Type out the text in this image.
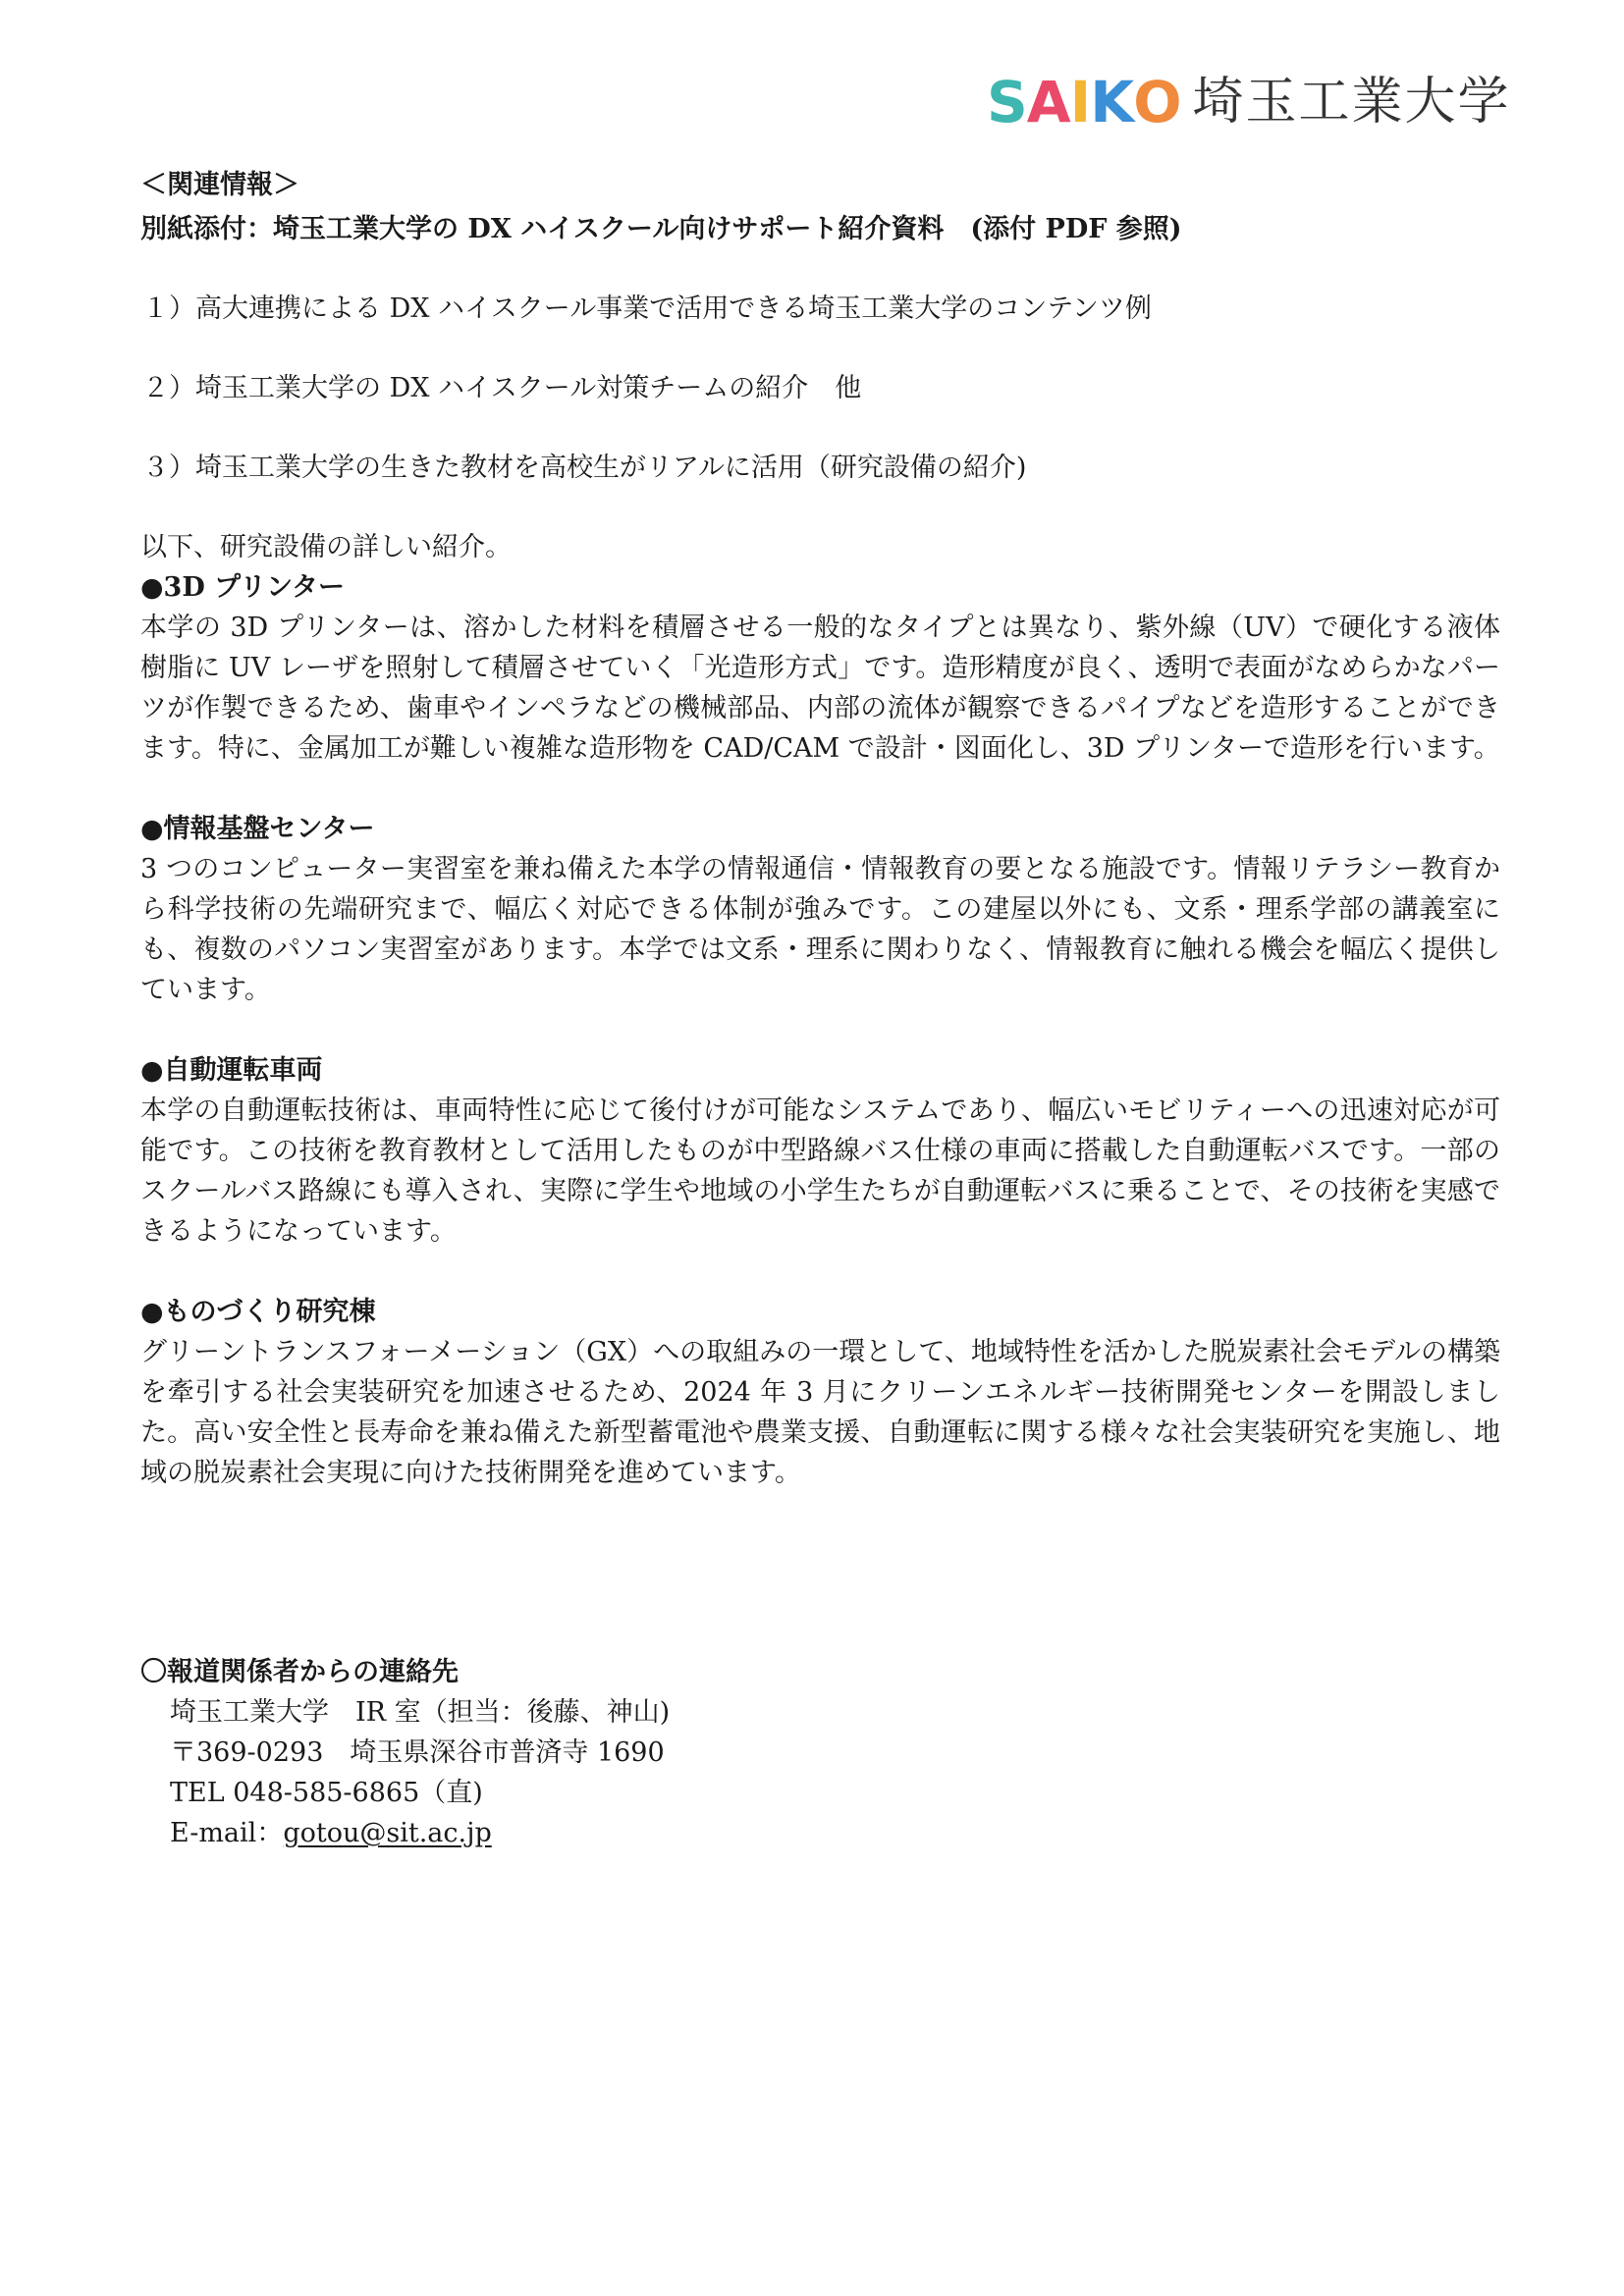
S A I K O 埼玉工業大学
＜関連情報＞
別紙添付：埼玉工業大学の DX ハイスクール向けサポート紹介資料　(添付 PDF 参照)
１）高大連携による DX ハイスクール事業で活用できる埼玉工業大学のコンテンツ例
２）埼玉工業大学の DX ハイスクール対策チームの紹介　他
３）埼玉工業大学の生きた教材を高校生がリアルに活用（研究設備の紹介)
以下、研究設備の詳しい紹介。
●3D プリンター
本学の 3D プリンターは、溶かした材料を積層させる一般的なタイプとは異なり、紫外線（UV）で硬化する液体樹脂に UV レーザを照射して積層させていく「光造形方式」です。造形精度が良く、透明で表面がなめらかなパーツが作製できるため、歯車やインペラなどの機械部品、内部の流体が観察できるパイプなどを造形することができます。特に、金属加工が難しい複雑な造形物を CAD/CAM で設計・図面化し、3D プリンターで造形を行います。
●情報基盤センター
3 つのコンピューター実習室を兼ね備えた本学の情報通信・情報教育の要となる施設です。情報リテラシー教育から科学技術の先端研究まで、幅広く対応できる体制が強みです。この建屋以外にも、文系・理系学部の講義室にも、複数のパソコン実習室があります。本学では文系・理系に関わりなく、情報教育に触れる機会を幅広く提供しています。
●自動運転車両
本学の自動運転技術は、車両特性に応じて後付けが可能なシステムであり、幅広いモビリティーへの迅速対応が可能です。この技術を教育教材として活用したものが中型路線バス仕様の車両に搭載した自動運転バスです。一部のスクールバス路線にも導入され、実際に学生や地域の小学生たちが自動運転バスに乗ることで、その技術を実感できるようになっています。
●ものづくり研究棟
グリーントランスフォーメーション（GX）への取組みの一環として、地域特性を活かした脱炭素社会モデルの構築を牽引する社会実装研究を加速させるため、2024 年 3 月にクリーンエネルギー技術開発センターを開設しました。高い安全性と長寿命を兼ね備えた新型蓄電池や農業支援、自動運転に関する様々な社会実装研究を実施し、地域の脱炭素社会実現に向けた技術開発を進めています。
〇報道関係者からの連絡先
埼玉工業大学　IR 室（担当：後藤、神山)
〒369-0293　埼玉県深谷市普済寺 1690
TEL 048-585-6865（直)
E-mail：gotou@sit.ac.jp
